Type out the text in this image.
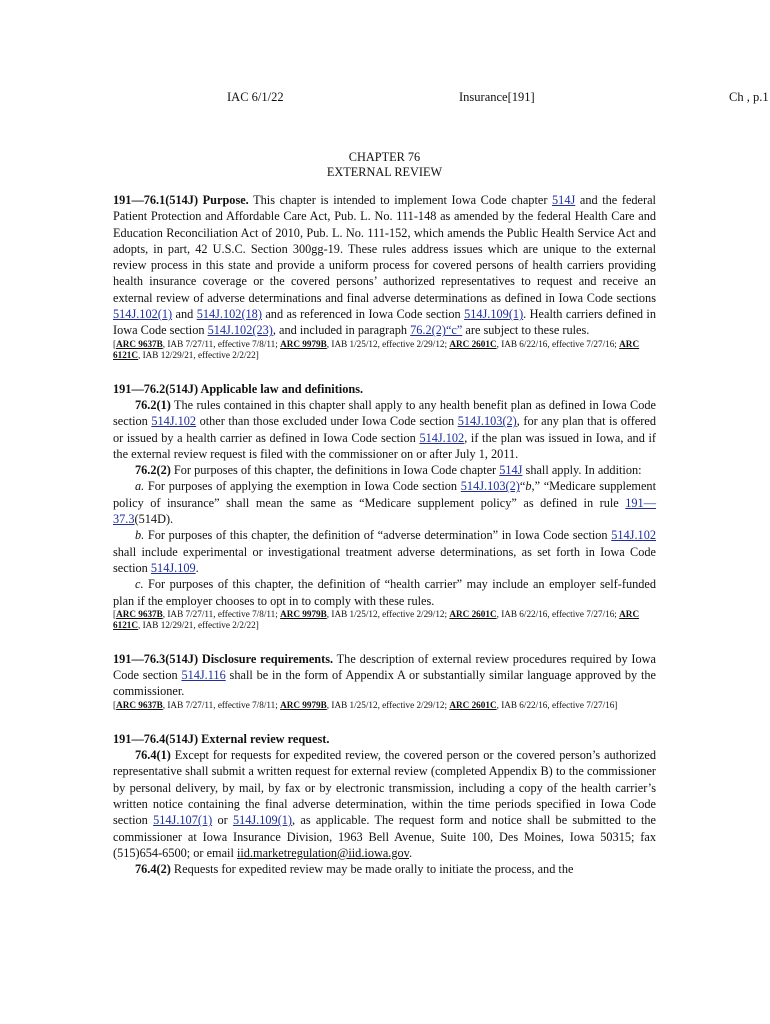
IAC 6/1/22	Insurance[191]	Ch , p.1
CHAPTER 76
EXTERNAL REVIEW

191—76.1(514J) Purpose. This chapter is intended to implement Iowa Code chapter 514J and the federal Patient Protection and Affordable Care Act, Pub. L. No. 111-148 as amended by the federal Health Care and Education Reconciliation Act of 2010, Pub. L. No. 111-152, which amends the Public Health Service Act and adopts, in part, 42 U.S.C. Section 300gg-19. These rules address issues which are unique to the external review process in this state and provide a uniform process for covered persons of health carriers providing health insurance coverage or the covered persons’ authorized representatives to request and receive an external review of adverse determinations and final adverse determinations as defined in Iowa Code sections 514J.102(1) and 514J.102(18) and as referenced in Iowa Code section 514J.109(1). Health carriers defined in Iowa Code section 514J.102(23), and included in paragraph 76.2(2)“c” are subject to these rules.

[ARC 9637B, IAB 7/27/11, effective 7/8/11; ARC 9979B, IAB 1/25/12, effective 2/29/12; ARC 2601C, IAB 6/22/16, effective 7/27/16; ARC 6121C, IAB 12/29/21, effective 2/2/22]

191—76.2(514J) Applicable law and definitions.

76.2(1) The rules contained in this chapter shall apply to any health benefit plan as defined in Iowa Code section 514J.102 other than those excluded under Iowa Code section 514J.103(2), for any plan that is offered or issued by a health carrier as defined in Iowa Code section 514J.102, if the plan was issued in Iowa, and if the external review request is filed with the commissioner on or after July 1, 2011.

76.2(2) For purposes of this chapter, the definitions in Iowa Code chapter 514J shall apply. In addition:

a. For purposes of applying the exemption in Iowa Code section 514J.103(2)“b,” “Medicare supplement policy of insurance” shall mean the same as “Medicare supplement policy” as defined in rule 191—37.3(514D).

b. For purposes of this chapter, the definition of “adverse determination” in Iowa Code section 514J.102 shall include experimental or investigational treatment adverse determinations, as set forth in Iowa Code section 514J.109.

c. For purposes of this chapter, the definition of “health carrier” may include an employer self-funded plan if the employer chooses to opt in to comply with these rules.

[ARC 9637B, IAB 7/27/11, effective 7/8/11; ARC 9979B, IAB 1/25/12, effective 2/29/12; ARC 2601C, IAB 6/22/16, effective 7/27/16; ARC 6121C, IAB 12/29/21, effective 2/2/22]

191—76.3(514J) Disclosure requirements. The description of external review procedures required by Iowa Code section 514J.116 shall be in the form of Appendix A or substantially similar language approved by the commissioner.

[ARC 9637B, IAB 7/27/11, effective 7/8/11; ARC 9979B, IAB 1/25/12, effective 2/29/12; ARC 2601C, IAB 6/22/16, effective 7/27/16]

191—76.4(514J) External review request.

76.4(1) Except for requests for expedited review, the covered person or the covered person’s authorized representative shall submit a written request for external review (completed Appendix B) to the commissioner by personal delivery, by mail, by fax or by electronic transmission, including a copy of the health carrier’s written notice containing the final adverse determination, within the time periods specified in Iowa Code section 514J.107(1) or 514J.109(1), as applicable. The request form and notice shall be submitted to the commissioner at Iowa Insurance Division, 1963 Bell Avenue, Suite 100, Des Moines, Iowa 50315; fax (515)654-6500; or email iid.marketregulation@iid.iowa.gov.

76.4(2) Requests for expedited review may be made orally to initiate the process, and the
